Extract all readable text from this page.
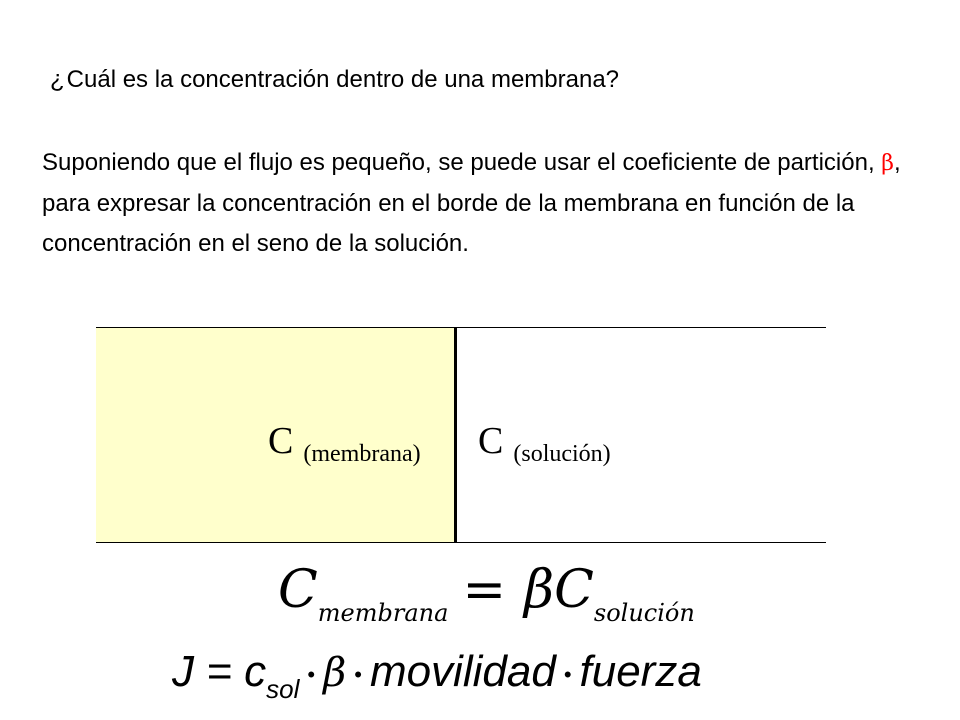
¿Cuál es la concentración dentro de una membrana?
Suponiendo que el flujo es pequeño, se puede usar el coeficiente de partición, β, para expresar la concentración en el borde de la membrana en función de la concentración en el seno de la solución.
C $_{(membrana)}$ C $_{(solución)}$
$C_{membrana} = \beta C_{solución}$
$J = c_{sol}$ • β • movilidad • fuerza
